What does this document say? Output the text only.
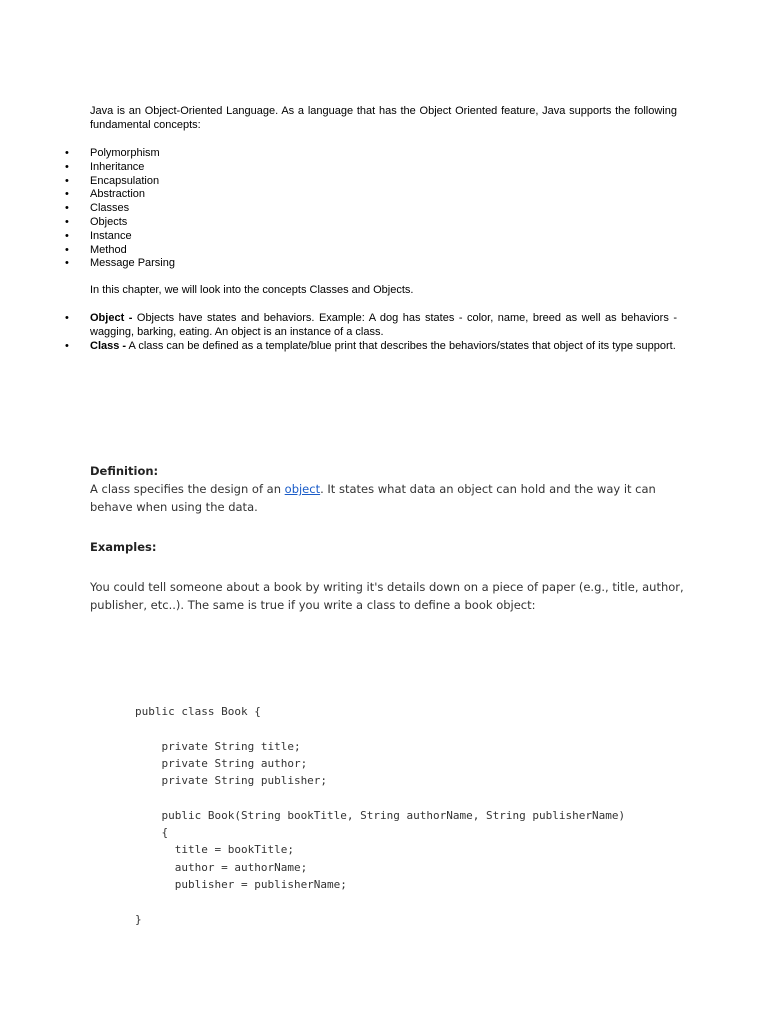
Java is an Object-Oriented Language. As a language that has the Object Oriented feature, Java supports the following fundamental concepts:

• Polymorphism
• Inheritance
• Encapsulation
• Abstraction
• Classes
• Objects
• Instance
• Method
• Message Parsing

In this chapter, we will look into the concepts Classes and Objects.

• Object - Objects have states and behaviors. Example: A dog has states - color, name, breed as well as behaviors - wagging, barking, eating. An object is an instance of a class.
• Class - A class can be defined as a template/blue print that describes the behaviors/states that object of its type support.
Definition:

A class specifies the design of an object. It states what data an object can hold and the way it can behave when using the data.

Examples:

You could tell someone about a book by writing it's details down on a piece of paper (e.g., title, author, publisher, etc..). The same is true if you write a class to define a book object:

public class Book {

private String title;
private String author;
private String publisher;

public Book(String bookTitle, String authorName, String publisherName)
{
title = bookTitle;
author = authorName;
publisher = publisherName;

}
